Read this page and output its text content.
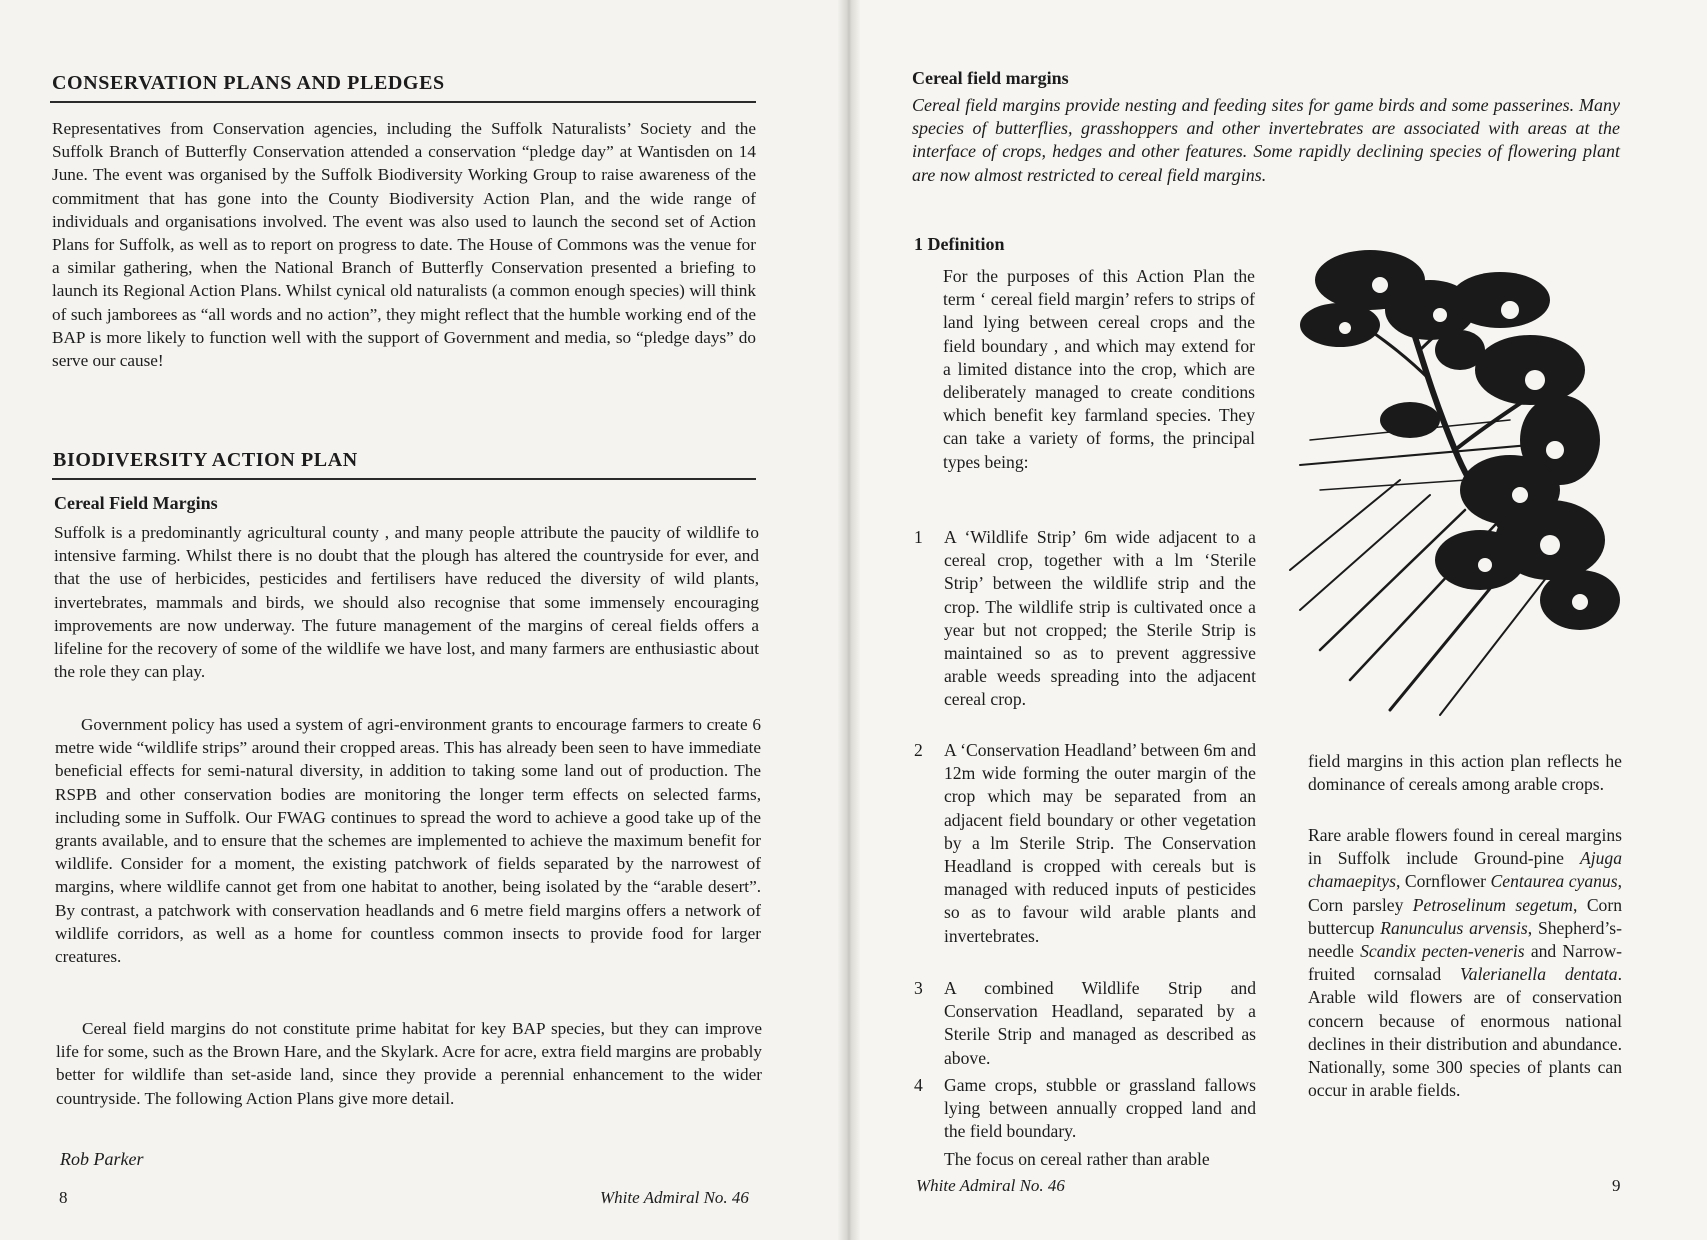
CONSERVATION PLANS AND PLEDGES

Representatives from Conservation agencies, including the Suffolk Naturalists’ Society and the Suffolk Branch of Butterfly Conservation attended a conservation “pledge day” at Wantisden on 14 June. The event was organised by the Suffolk Biodiversity Working Group to raise awareness of the commitment that has gone into the County Biodiversity Action Plan, and the wide range of individuals and organisations involved. The event was also used to launch the second set of Action Plans for Suffolk, as well as to report on progress to date. The House of Commons was the venue for a similar gathering, when the National Branch of Butterfly Conservation presented a briefing to launch its Regional Action Plans. Whilst cynical old naturalists (a common enough species) will think of such jamborees as “all words and no action”, they might reflect that the humble working end of the BAP is more likely to function well with the support of Government and media, so “pledge days” do serve our cause!

BIODIVERSITY ACTION PLAN
Cereal Field Margins

Suffolk is a predominantly agricultural county , and many people attribute the paucity of wildlife to intensive farming. Whilst there is no doubt that the plough has altered the countryside for ever, and that the use of herbicides, pesticides and fertilisers have reduced the diversity of wild plants, invertebrates, mammals and birds, we should also recognise that some immensely encouraging improvements are now underway. The future management of the margins of cereal fields offers a lifeline for the recovery of some of the wildlife we have lost, and many farmers are enthusiastic about the role they can play.

Government policy has used a system of agri-environment grants to encourage farmers to create 6 metre wide “wildlife strips” around their cropped areas. This has already been seen to have immediate beneficial effects for semi-natural diversity, in addition to taking some land out of production. The RSPB and other conservation bodies are monitoring the longer term effects on selected farms, including some in Suffolk. Our FWAG continues to spread the word to achieve a good take up of the grants available, and to ensure that the schemes are implemented to achieve the maximum benefit for wildlife. Consider for a moment, the existing patchwork of fields separated by the narrowest of margins, where wildlife cannot get from one habitat to another, being isolated by the “arable desert”. By contrast, a patchwork with conservation headlands and 6 metre field margins offers a network of wildlife corridors, as well as a home for countless common insects to provide food for larger creatures.

Cereal field margins do not constitute prime habitat for key BAP species, but they can improve life for some, such as the Brown Hare, and the Skylark. Acre for acre, extra field margins are probably better for wildlife than set-aside land, since they provide a perennial enhancement to the wider countryside. The following Action Plans give more detail.

Rob Parker
8	White Admiral No. 46
Cereal field margins

Cereal field margins provide nesting and feeding sites for game birds and some passerines. Many species of butterflies, grasshoppers and other invertebrates are associated with areas at the interface of crops, hedges and other features. Some rapidly declining species of flowering plant are now almost restricted to cereal field margins.

1 Definition

For the purposes of this Action Plan the term ‘ cereal field margin’ refers to strips of land lying between cereal crops and the field boundary , and which may extend for a limited distance into the crop, which are deliberately managed to create conditions which benefit key farmland species. They can take a variety of forms, the principal types being:

1	A ‘Wildlife Strip’ 6m wide adjacent to a cereal crop, together with a lm ‘Sterile Strip’ between the wildlife strip and the crop. The wildlife strip is cultivated once a year but not cropped; the Sterile Strip is maintained so as to prevent aggressive arable weeds spreading into the adjacent cereal crop.
2	A ‘Conservation Headland’ between 6m and 12m wide forming the outer margin of the crop which may be separated from an adjacent field boundary or other vegetation by a lm Sterile Strip. The Conservation Headland is cropped with cereals but is managed with reduced inputs of pesticides so as to favour wild arable plants and invertebrates.
3	A combined Wildlife Strip and Conservation Headland, separated by a Sterile Strip and managed as described as above.
4	Game crops, stubble or grassland fallows lying between annually cropped land and the field boundary.

The focus on cereal rather than arable

field margins in this action plan reflects he dominance of cereals among arable crops.

Rare arable flowers found in cereal margins in Suffolk include Ground-pine Ajuga chamaepitys, Cornflower Centaurea cyanus, Corn parsley Petroselinum segetum, Corn buttercup Ranunculus arvensis, Shepherd’s-needle Scandix pecten-veneris and Narrow-fruited cornsalad Valerianella dentata. Arable wild flowers are of conservation concern because of enormous national declines in their distribution and abundance. Nationally, some 300 species of plants can occur in arable fields.

White Admiral No. 46	9
